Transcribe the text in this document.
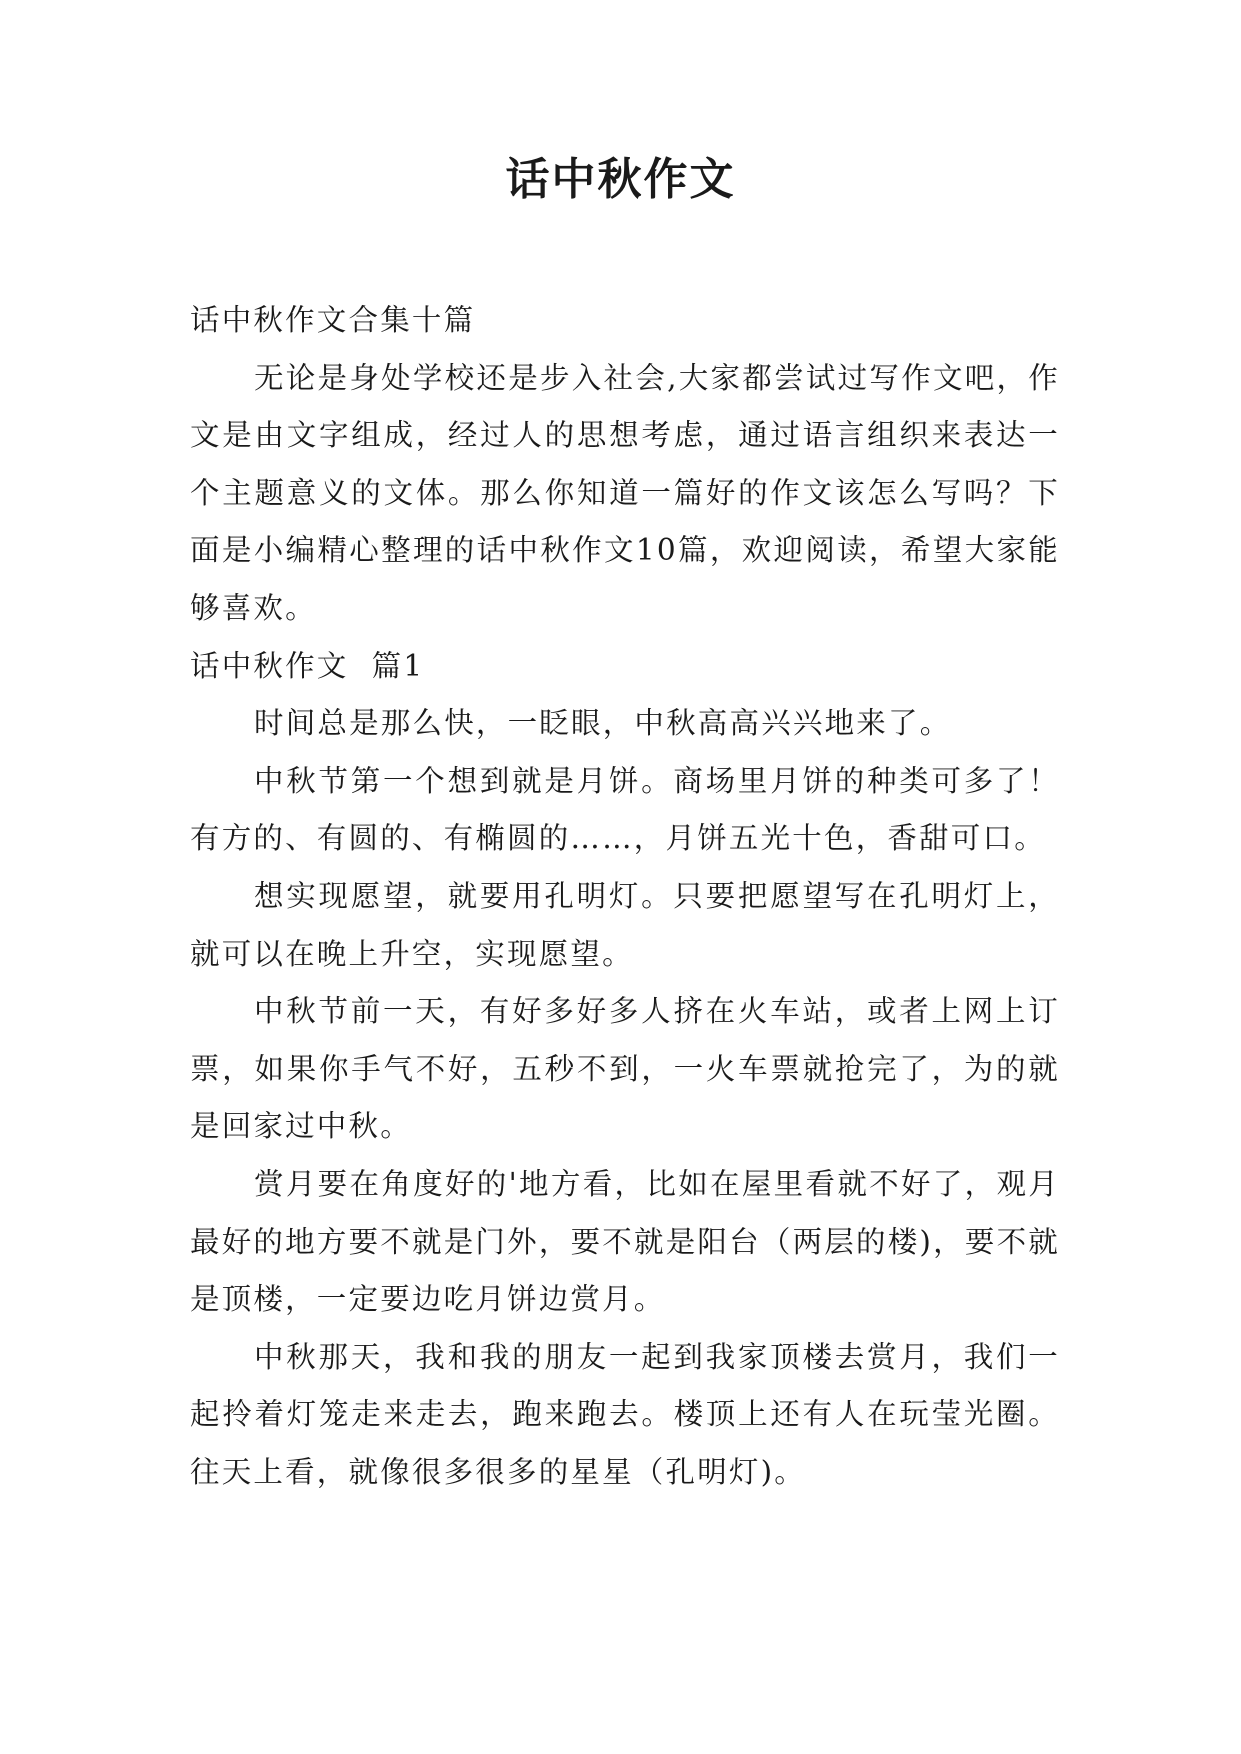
话中秋作文

话中秋作文合集十篇

无论是身处学校还是步入社会,大家都尝试过写作文吧，作文是由文字组成，经过人的思想考虑，通过语言组织来表达一个主题意义的文体。那么你知道一篇好的作文该怎么写吗？下面是小编精心整理的话中秋作文10篇，欢迎阅读，希望大家能够喜欢。

话中秋作文  篇1

时间总是那么快，一眨眼，中秋高高兴兴地来了。

中秋节第一个想到就是月饼。商场里月饼的种类可多了！有方的、有圆的、有椭圆的……，月饼五光十色，香甜可口。

想实现愿望，就要用孔明灯。只要把愿望写在孔明灯上，就可以在晚上升空，实现愿望。

中秋节前一天，有好多好多人挤在火车站，或者上网上订票，如果你手气不好，五秒不到，一火车票就抢完了，为的就是回家过中秋。

赏月要在角度好的'地方看，比如在屋里看就不好了，观月最好的地方要不就是门外，要不就是阳台（两层的楼)，要不就是顶楼，一定要边吃月饼边赏月。

中秋那天，我和我的朋友一起到我家顶楼去赏月，我们一起拎着灯笼走来走去，跑来跑去。楼顶上还有人在玩莹光圈。往天上看，就像很多很多的星星（孔明灯)。
